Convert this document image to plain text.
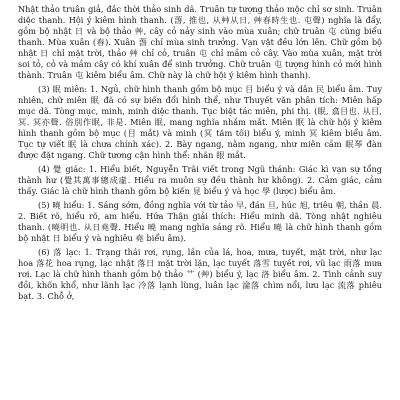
Nhật thảo truân giả, đắc thời thảo sinh dã. Truân tự tượng thảo mộc chỉ sơ sinh. Truân diệc thanh. Hội ý kiêm hình thanh. (萅, 推也, 从艸从日, 艸春時生也. 屯聲) nghĩa là đẩy, gồm bộ nhật 日 và bộ thảo 艸, cây cỏ nảy sinh vào mùa xuân; chữ truân 屯 cũng biểu thanh. Mùa xuân (春). Xuân 萅 chỉ mùa sinh trưởng. Vạn vật đều lớn lên. Chữ gồm bộ nhật 日 chỉ mặt trời, thảo 艸 chỉ cỏ, truân 屯 chỉ mầm cỏ cây. Vào mùa xuân, mặt trời soi tỏ, cỏ và mầm cây có khí xuân để sinh trưởng. Chữ truân 屯 tượng hình cỏ mới hình thành. Truân 屯 kiêm biểu âm. Chữ này là chữ hội ý kiêm hình thanh).

(3) 眠 miên: 1. Ngủ, chữ hình thanh gồm bộ mục 目 biểu ý và dân 民 biểu âm. Tuy nhiên, chữ miên 眠 đã có sự biến đổi hình thể, như Thuyết văn phân tích: Miên hấp mục dã. Tòng mục, minh, minh diệc thanh. Tục biệt tác miên, phi thị. (眠, 翕目也. 从目, 冥. 冥亦聲. 俗別作眠, 非是. Miên 眠, mang nghĩa nhắm mắt. Miên 眠 là chữ hội ý kiêm hình thanh gồm bộ mục (目 mắt) và minh (冥 tăm tối) biểu ý, minh 冥 kiêm biểu âm. Tục tự viết 眠 là chưa chính xác). 2. Bày ngang, nằm ngang, như miên cầm 眠琴 đàn được đặt ngang. Chữ tương cận hình thể: nhãn 眼 mắt.

(4) 覺 giác: 1. Hiểu biết, Nguyễn Trãi viết trong Ngũ thánh: Giác kì vạn sự tổng thành hư (覺其萬事總成虛. Hiểu ra muôn sự đều thành hư không). 2. Cảm giác, cảm thấy. Giác là chữ hình thanh gồm bộ kiến 見 biểu ý và học 學 (lược) biểu âm.

(5) 曉 hiểu: 1. Sáng sớm, đồng nghĩa với từ tảo 早, đán 旦, húc 旭, triêu 朝, thần 晨. 2. Biết rõ, hiểu rõ, am hiểu. Hứa Thận giải thích: Hiểu minh dã. Tòng nhật nghiêu thanh. (曉明也. 从日堯聲. Hiểu 曉 mang nghĩa sáng rõ. Hiểu 曉 là chữ hình thanh gồm bộ nhật 日 biểu ý và nghiêu 堯 biểu âm).

(6) 落 lạc: 1. Trạng thái rơi, rụng, lần của lá, hoa, mưa, tuyết, mặt trời, như lạc hoa 落花 hoa rụng, lạc nhật 落日 mặt trời lặn, lạc tuyết 落雪 tuyết rơi, vũ lạc 雨落 mưa rơi. Lạc là chữ hình thanh gồm bộ thảo 艹 (艸) biểu ý, lạc 洛 biểu âm. 2. Tình cảnh suy đồi, khốn khổ, như lãnh lạc 冷落 lạnh lùng, luân lạc 淪落 chìm nổi, lưu lạc 流落 phiêu bạt. 3. Chỗ ở,
